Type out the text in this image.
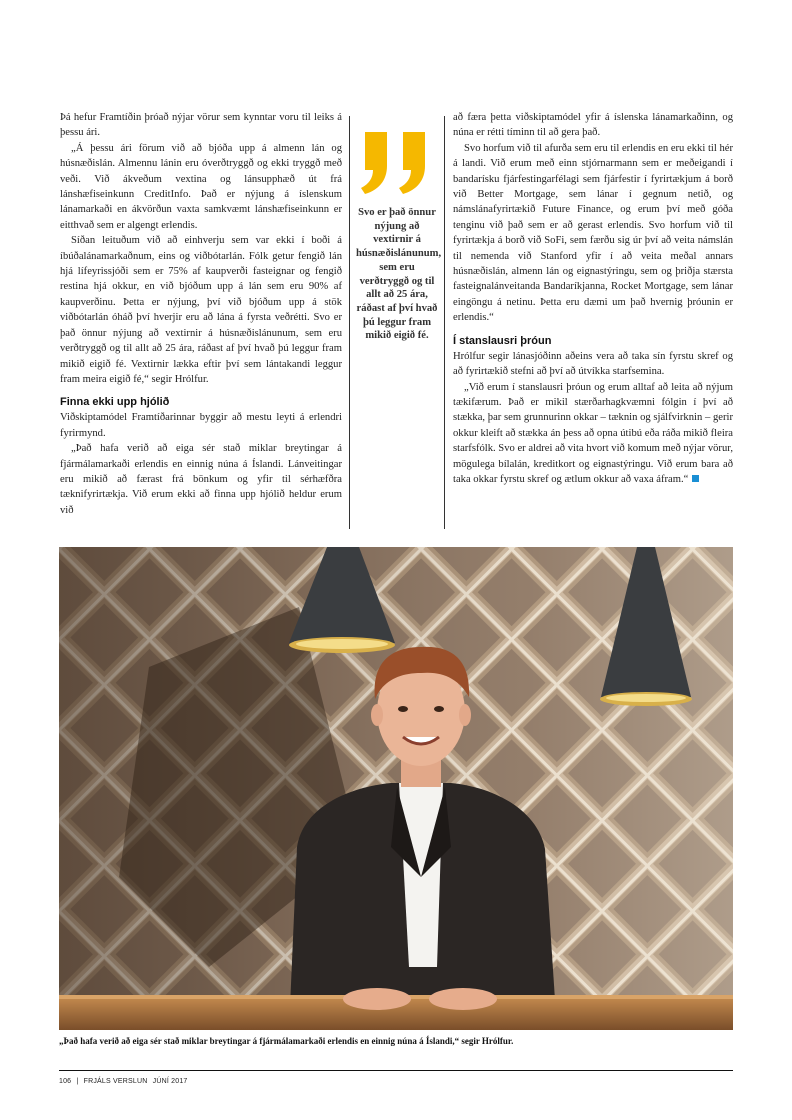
Þá hefur Framtíðin þróað nýjar vörur sem kynntar voru til leiks á þessu ári.

„Á þessu ári förum við að bjóða upp á almenn lán og húsnæðislán. Almennu lánin eru óverðtryggð og ekki tryggð með veði. Við ákveðum vextina og lánsupphæð út frá lánshæfiseinkunn CreditInfo. Það er nýjung á íslenskum lánamarkaði en ákvörðun vaxta samkvæmt lánshæfiseinkunn er eitthvað sem er algengt erlendis.

Síðan leituðum við að einhverju sem var ekki í boði á íbúðalánamarkaðnum, eins og viðbótarlán. Fólk getur fengið lán hjá lífeyrissjóði sem er 75% af kaupverði fasteignar og fengið restina hjá okkur, en við bjóðum upp á lán sem eru 90% af kaupverðinu. Þetta er nýjung, því við bjóðum upp á stök viðbótarlán óháð því hverjir eru að lána á fyrsta veðrétti. Svo er það önnur nýjung að vextirnir á húsnæðislánunum, sem eru verðtryggð og til allt að 25 ára, ráðast af því hvað þú leggur fram mikið eigið fé. Vextirnir lækka eftir því sem lántakandi leggur fram meira eigið fé,“ segir Hrólfur.

Finna ekki upp hjólið

Viðskiptamódel Framtíðarinnar byggir að mestu leyti á erlendri fyrirmynd.

„Það hafa verið að eiga sér stað miklar breytingar á fjármálamarkaði erlendis en einnig núna á Íslandi. Lánveitingar eru mikið að færast frá bönkum og yfir til sérhæfðra tæknifyrirtækja. Við erum ekki að finna upp hjólið heldur erum við

Svo er það önnur nýjung að vextirnir á húsnæðislánunum, sem eru verðtryggð og til allt að 25 ára, ráðast af því hvað þú leggur fram mikið eigið fé.

að færa þetta viðskiptamódel yfir á íslenska lánamarkaðinn, og núna er rétti tíminn til að gera það.

Svo horfum við til afurða sem eru til erlendis en eru ekki til hér á landi. Við erum með einn stjórnarmann sem er meðeigandi í bandarísku fjárfestingarfélagi sem fjárfestir í fyrirtækjum á borð við Better Mortgage, sem lánar í gegnum netið, og námslánafyrirtækið Future Finance, og erum því með góða tenginu við það sem er að gerast erlendis. Svo horfum við til fyrirtækja á borð við SoFi, sem færðu sig úr því að veita námslán til nemenda við Stanford yfir í að veita meðal annars húsnæðislán, almenn lán og eignastýringu, sem og þriðja stærsta fasteignalánveitanda Bandaríkjanna, Rocket Mortgage, sem lánar eingöngu á netinu. Þetta eru dæmi um það hvernig þróunin er erlendis.“

Í stanslausri þróun

Hrólfur segir lánasjóðinn aðeins vera að taka sín fyrstu skref og að fyrirtækið stefni að því að útvíkka starfsemina.

„Við erum í stanslausri þróun og erum alltaf að leita að nýjum tækifærum. Það er mikil stærðarhagkvæmni fólgin í því að stækka, þar sem grunnurinn okkar – tæknin og sjálfvirknin – gerir okkur kleift að stækka án þess að opna útibú eða ráða mikið fleira starfsfólk. Svo er aldrei að vita hvort við komum með nýjar vörur, mögulega bílalán, kreditkort og eignastýringu. Við erum bara að taka okkar fyrstu skref og ætlum okkur að vaxa áfram.“

„Það hafa verið að eiga sér stað miklar breytingar á fjármálamarkaði erlendis en einnig núna á Íslandi,“ segir Hrólfur.
106 | FRJÁLS VERSLUN JÚNÍ 2017
